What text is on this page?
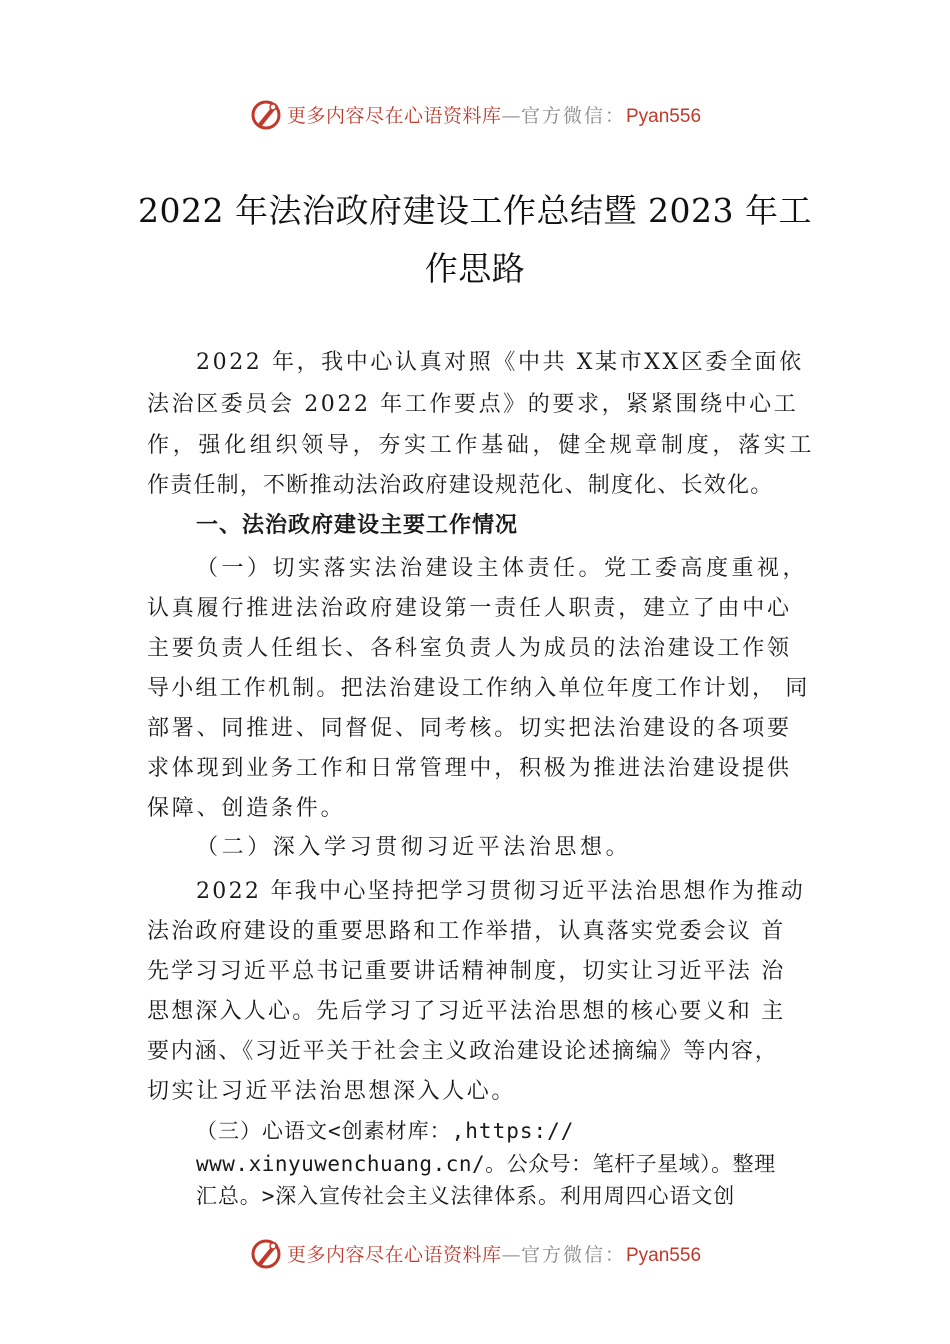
更多内容尽在心语资料库—官方微信：Pyan556
2022 年法治政府建设工作总结暨 2023 年工
作思路
2022 年，我中心认真对照《中共 X某市XX区委全面依
法治区委员会 2022 年工作要点》的要求，紧紧围绕中心工
作，强化组织领导，夯实工作基础，健全规章制度，落实工
作责任制，不断推动法治政府建设规范化、制度化、长效化。
一、法治政府建设主要工作情况
（一）切实落实法治建设主体责任。党工委高度重视，
认真履行推进法治政府建设第一责任人职责，建立了由中心
主要负责人任组长、各科室负责人为成员的法治建设工作领
导小组工作机制。把法治建设工作纳入单位年度工作计划， 同
部署、同推进、同督促、同考核。切实把法治建设的各项要
求体现到业务工作和日常管理中，积极为推进法治建设提供
保障、创造条件。
（二）深入学习贯彻习近平法治思想。
2022 年我中心坚持把学习贯彻习近平法治思想作为推动
法治政府建设的重要思路和工作举措，认真落实党委会议 首
先学习习近平总书记重要讲话精神制度，切实让习近平法 治
思想深入人心。先后学习了习近平法治思想的核心要义和 主
要内涵、《习近平关于社会主义政治建设论述摘编》等内容，
切实让习近平法治思想深入人心。
（三）心语文<创素材库：,https://
www.xinyuwenchuang.cn/。公众号：笔杆子星域）。整理
汇总。>深入宣传社会主义法律体系。利用周四心语文创
更多内容尽在心语资料库—官方微信：Pyan556
